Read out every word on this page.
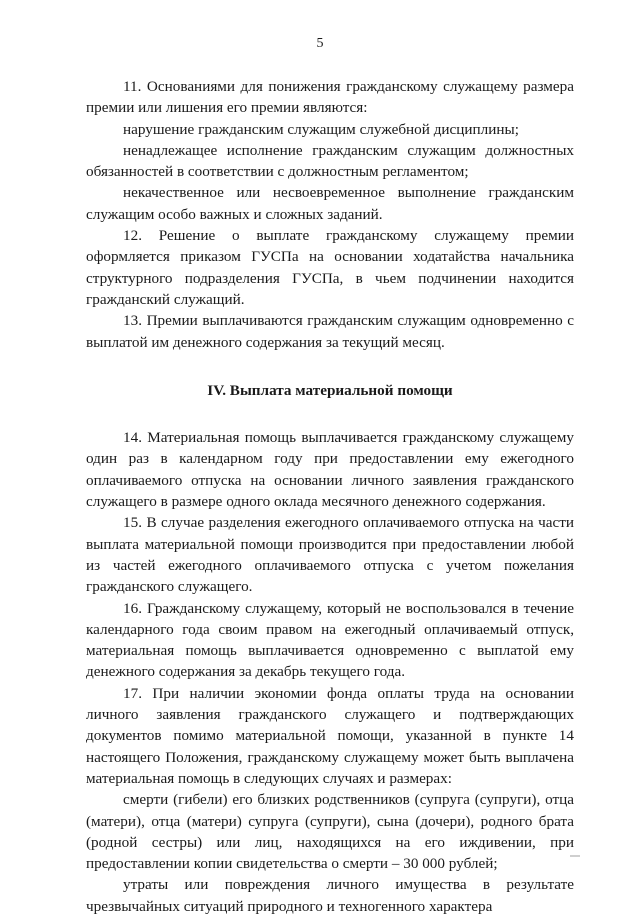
5

11. Основаниями для понижения гражданскому служащему размера премии или лишения его премии являются:

нарушение гражданским служащим служебной дисциплины;

ненадлежащее исполнение гражданским служащим должностных обязанностей в соответствии с должностным регламентом;

некачественное или несвоевременное выполнение гражданским служащим особо важных и сложных заданий.

12. Решение о выплате гражданскому служащему премии оформляется приказом ГУСПа на основании ходатайства начальника структурного подразделения ГУСПа, в чьем подчинении находится гражданский служащий.

13. Премии выплачиваются гражданским служащим одновременно с выплатой им денежного содержания за текущий месяц.

IV. Выплата материальной помощи

14. Материальная помощь выплачивается гражданскому служащему один раз в календарном году при предоставлении ему ежегодного оплачиваемого отпуска на основании личного заявления гражданского служащего в размере одного оклада месячного денежного содержания.

15. В случае разделения ежегодного оплачиваемого отпуска на части выплата материальной помощи производится при предоставлении любой из частей ежегодного оплачиваемого отпуска с учетом пожелания гражданского служащего.

16. Гражданскому служащему, который не воспользовался в течение календарного года своим правом на ежегодный оплачиваемый отпуск, материальная помощь выплачивается одновременно с выплатой ему денежного содержания за декабрь текущего года.

17. При наличии экономии фонда оплаты труда на основании личного заявления гражданского служащего и подтверждающих документов помимо материальной помощи, указанной в пункте 14 настоящего Положения, гражданскому служащему может быть выплачена материальная помощь в следующих случаях и размерах:

смерти (гибели) его близких родственников (супруга (супруги), отца (матери), отца (матери) супруга (супруги), сына (дочери), родного брата (родной сестры) или лиц, находящихся на его иждивении, при предоставлении копии свидетельства о смерти – 30 000 рублей;

утраты или повреждения личного имущества в результате чрезвычайных ситуаций природного и техногенного характера
